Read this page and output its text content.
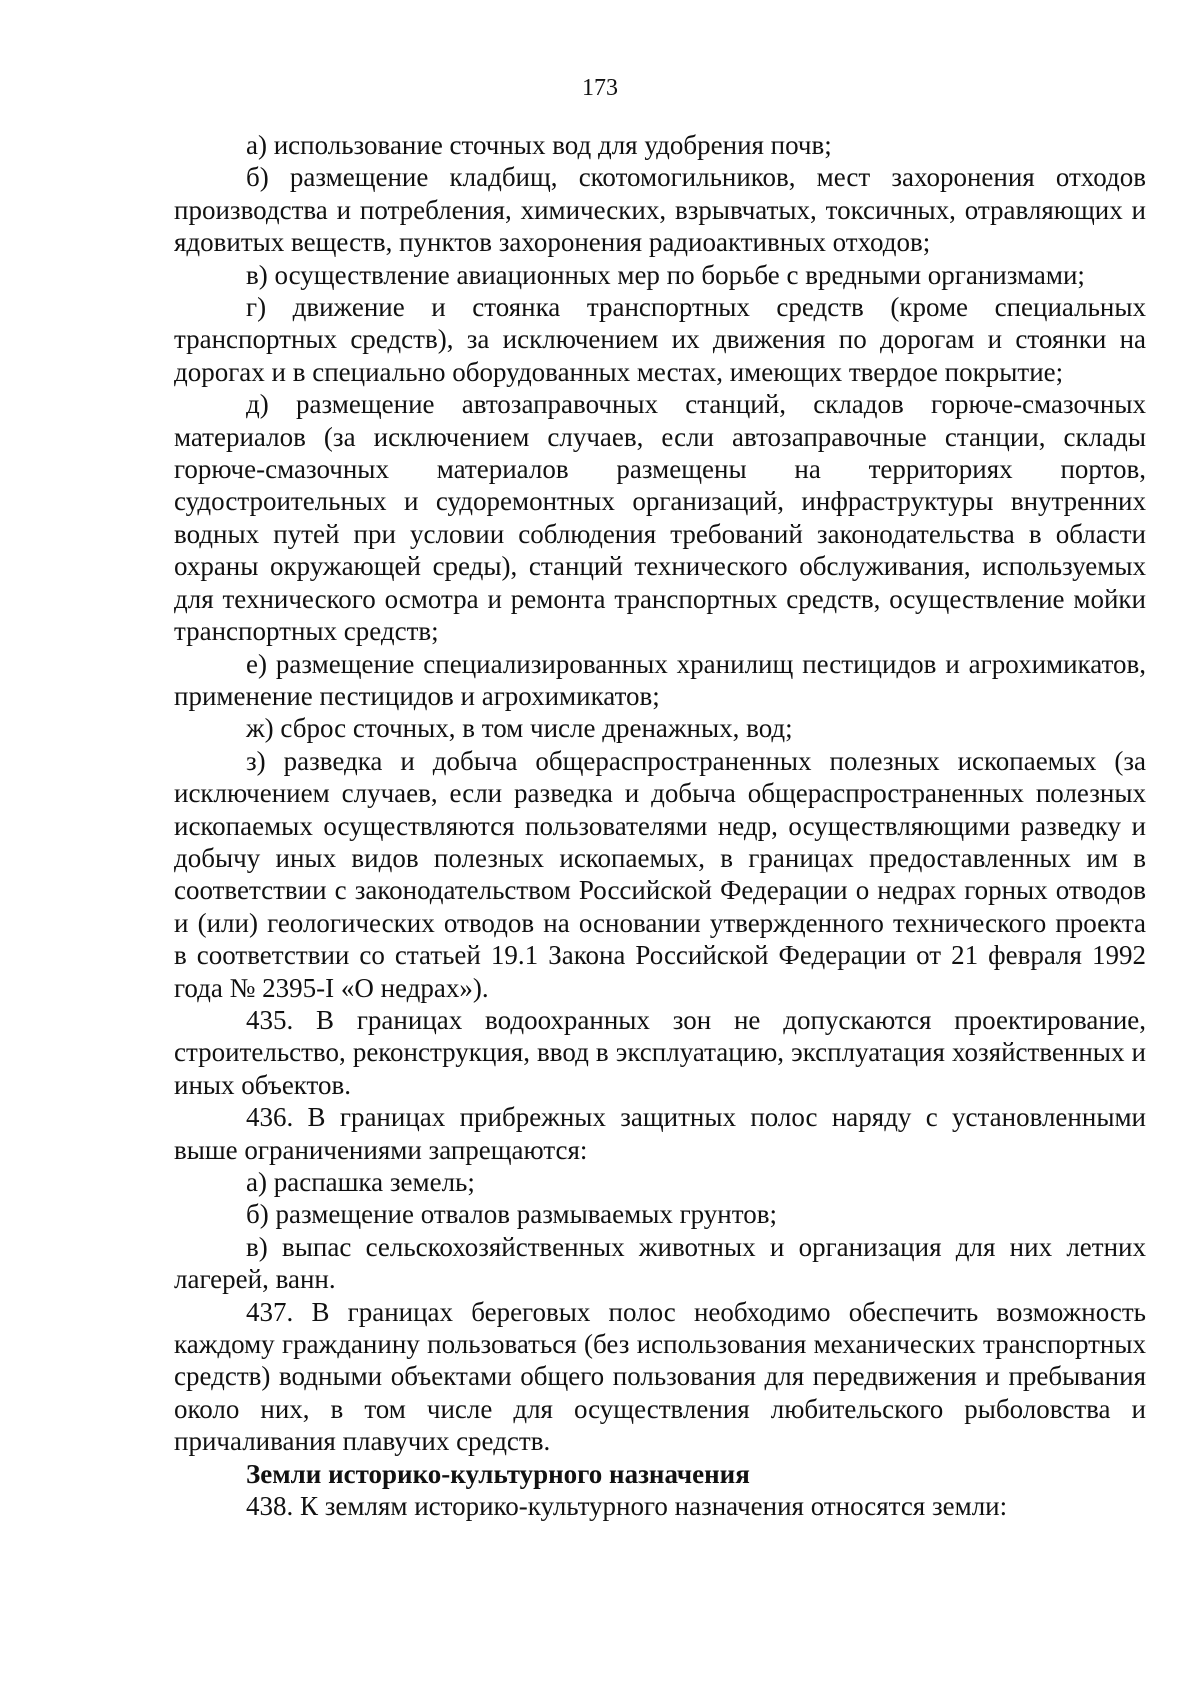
173

а) использование сточных вод для удобрения почв;

б) размещение кладбищ, скотомогильников, мест захоронения отходов производства и потребления, химических, взрывчатых, токсичных, отравляющих и ядовитых веществ, пунктов захоронения радиоактивных отходов;

в) осуществление авиационных мер по борьбе с вредными организмами;

г) движение и стоянка транспортных средств (кроме специальных транспортных средств), за исключением их движения по дорогам и стоянки на дорогах и в специально оборудованных местах, имеющих твердое покрытие;

д) размещение автозаправочных станций, складов горюче-смазочных материалов (за исключением случаев, если автозаправочные станции, склады горюче-смазочных материалов размещены на территориях портов, судостроительных и судоремонтных организаций, инфраструктуры внутренних водных путей при условии соблюдения требований законодательства в области охраны окружающей среды), станций технического обслуживания, используемых для технического осмотра и ремонта транспортных средств, осуществление мойки транспортных средств;

е) размещение специализированных хранилищ пестицидов и агрохимикатов, применение пестицидов и агрохимикатов;

ж) сброс сточных, в том числе дренажных, вод;

з) разведка и добыча общераспространенных полезных ископаемых (за исключением случаев, если разведка и добыча общераспространенных полезных ископаемых осуществляются пользователями недр, осуществляющими разведку и добычу иных видов полезных ископаемых, в границах предоставленных им в соответствии с законодательством Российской Федерации о недрах горных отводов и (или) геологических отводов на основании утвержденного технического проекта в соответствии со статьей 19.1 Закона Российской Федерации от 21 февраля 1992 года № 2395-I «О недрах»).

435. В границах водоохранных зон не допускаются проектирование, строительство, реконструкция, ввод в эксплуатацию, эксплуатация хозяйственных и иных объектов.

436. В границах прибрежных защитных полос наряду с установленными выше ограничениями запрещаются:

а) распашка земель;

б) размещение отвалов размываемых грунтов;

в) выпас сельскохозяйственных животных и организация для них летних лагерей, ванн.

437. В границах береговых полос необходимо обеспечить возможность каждому гражданину пользоваться (без использования механических транспортных средств) водными объектами общего пользования для передвижения и пребывания около них, в том числе для осуществления любительского рыболовства и причаливания плавучих средств.

Земли историко-культурного назначения

438. К землям историко-культурного назначения относятся земли:
